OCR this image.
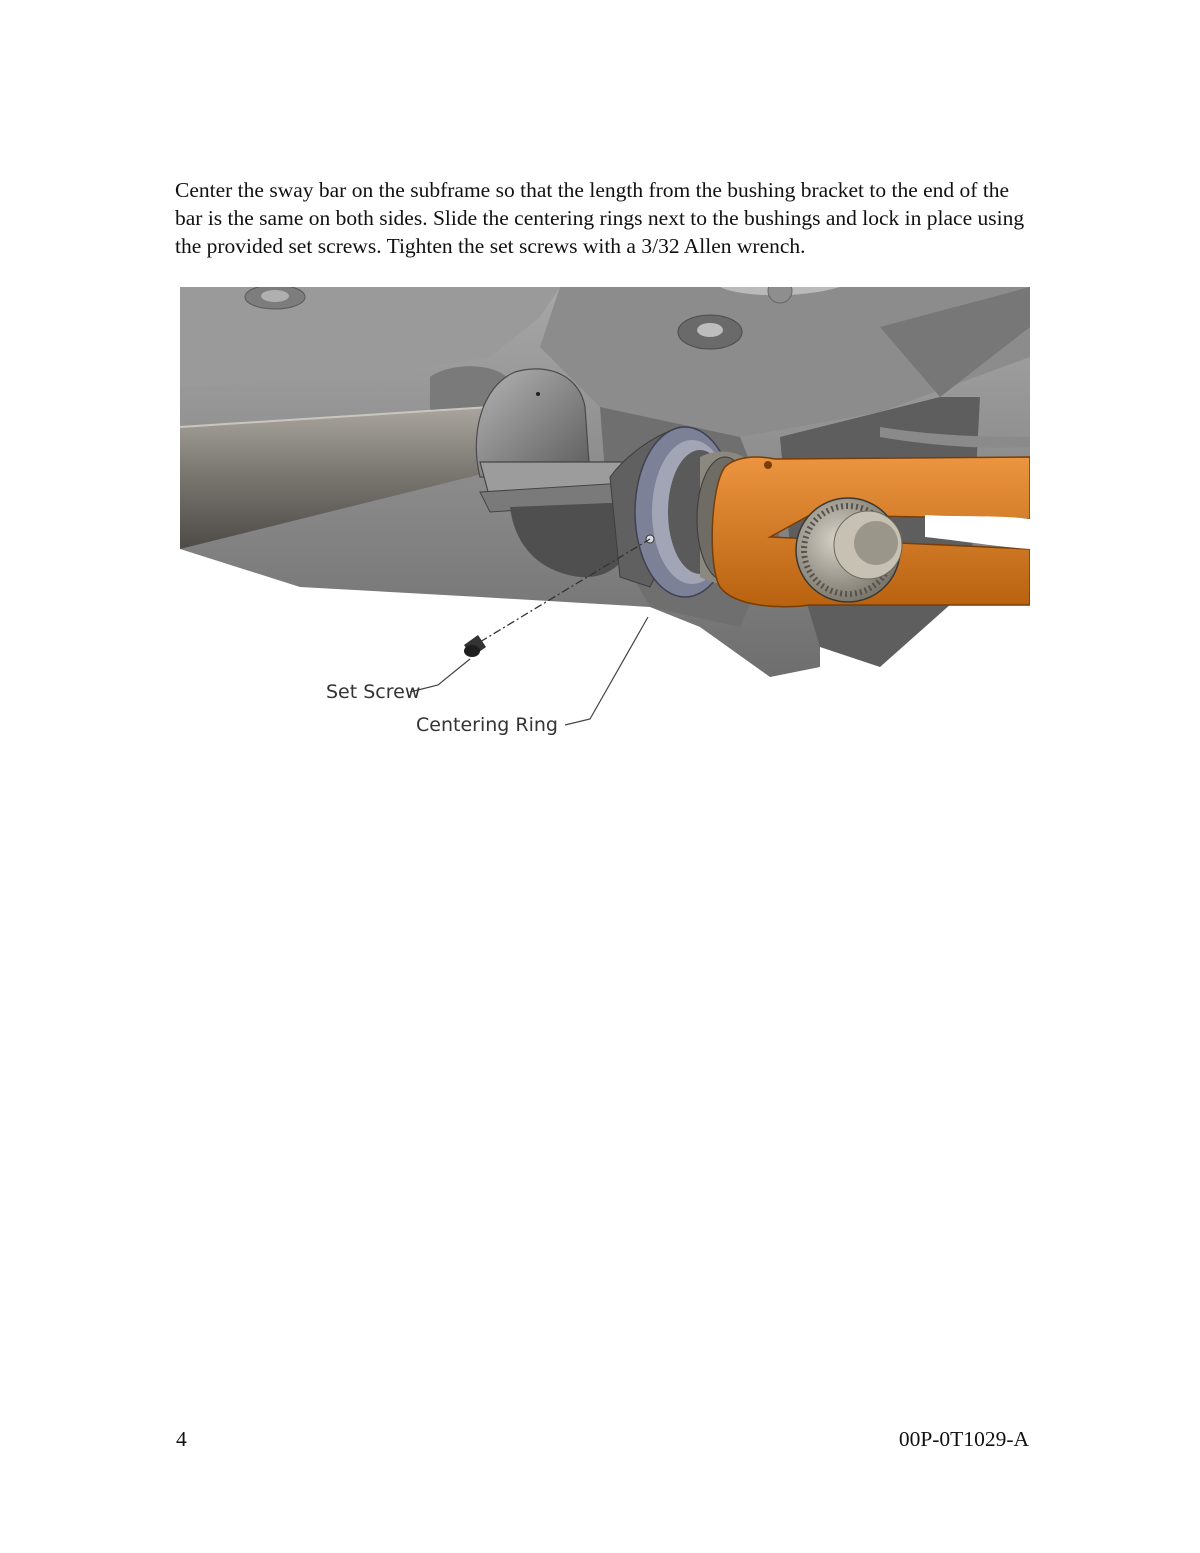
Center the sway bar on the subframe so that the length from the bushing bracket to the end of the bar is the same on both sides. Slide the centering rings next to the bushings and lock in place using the provided set screws. Tighten the set screws with a 3/32 Allen wrench.

Set Screw
Centering Ring
4	00P-0T1029-A
